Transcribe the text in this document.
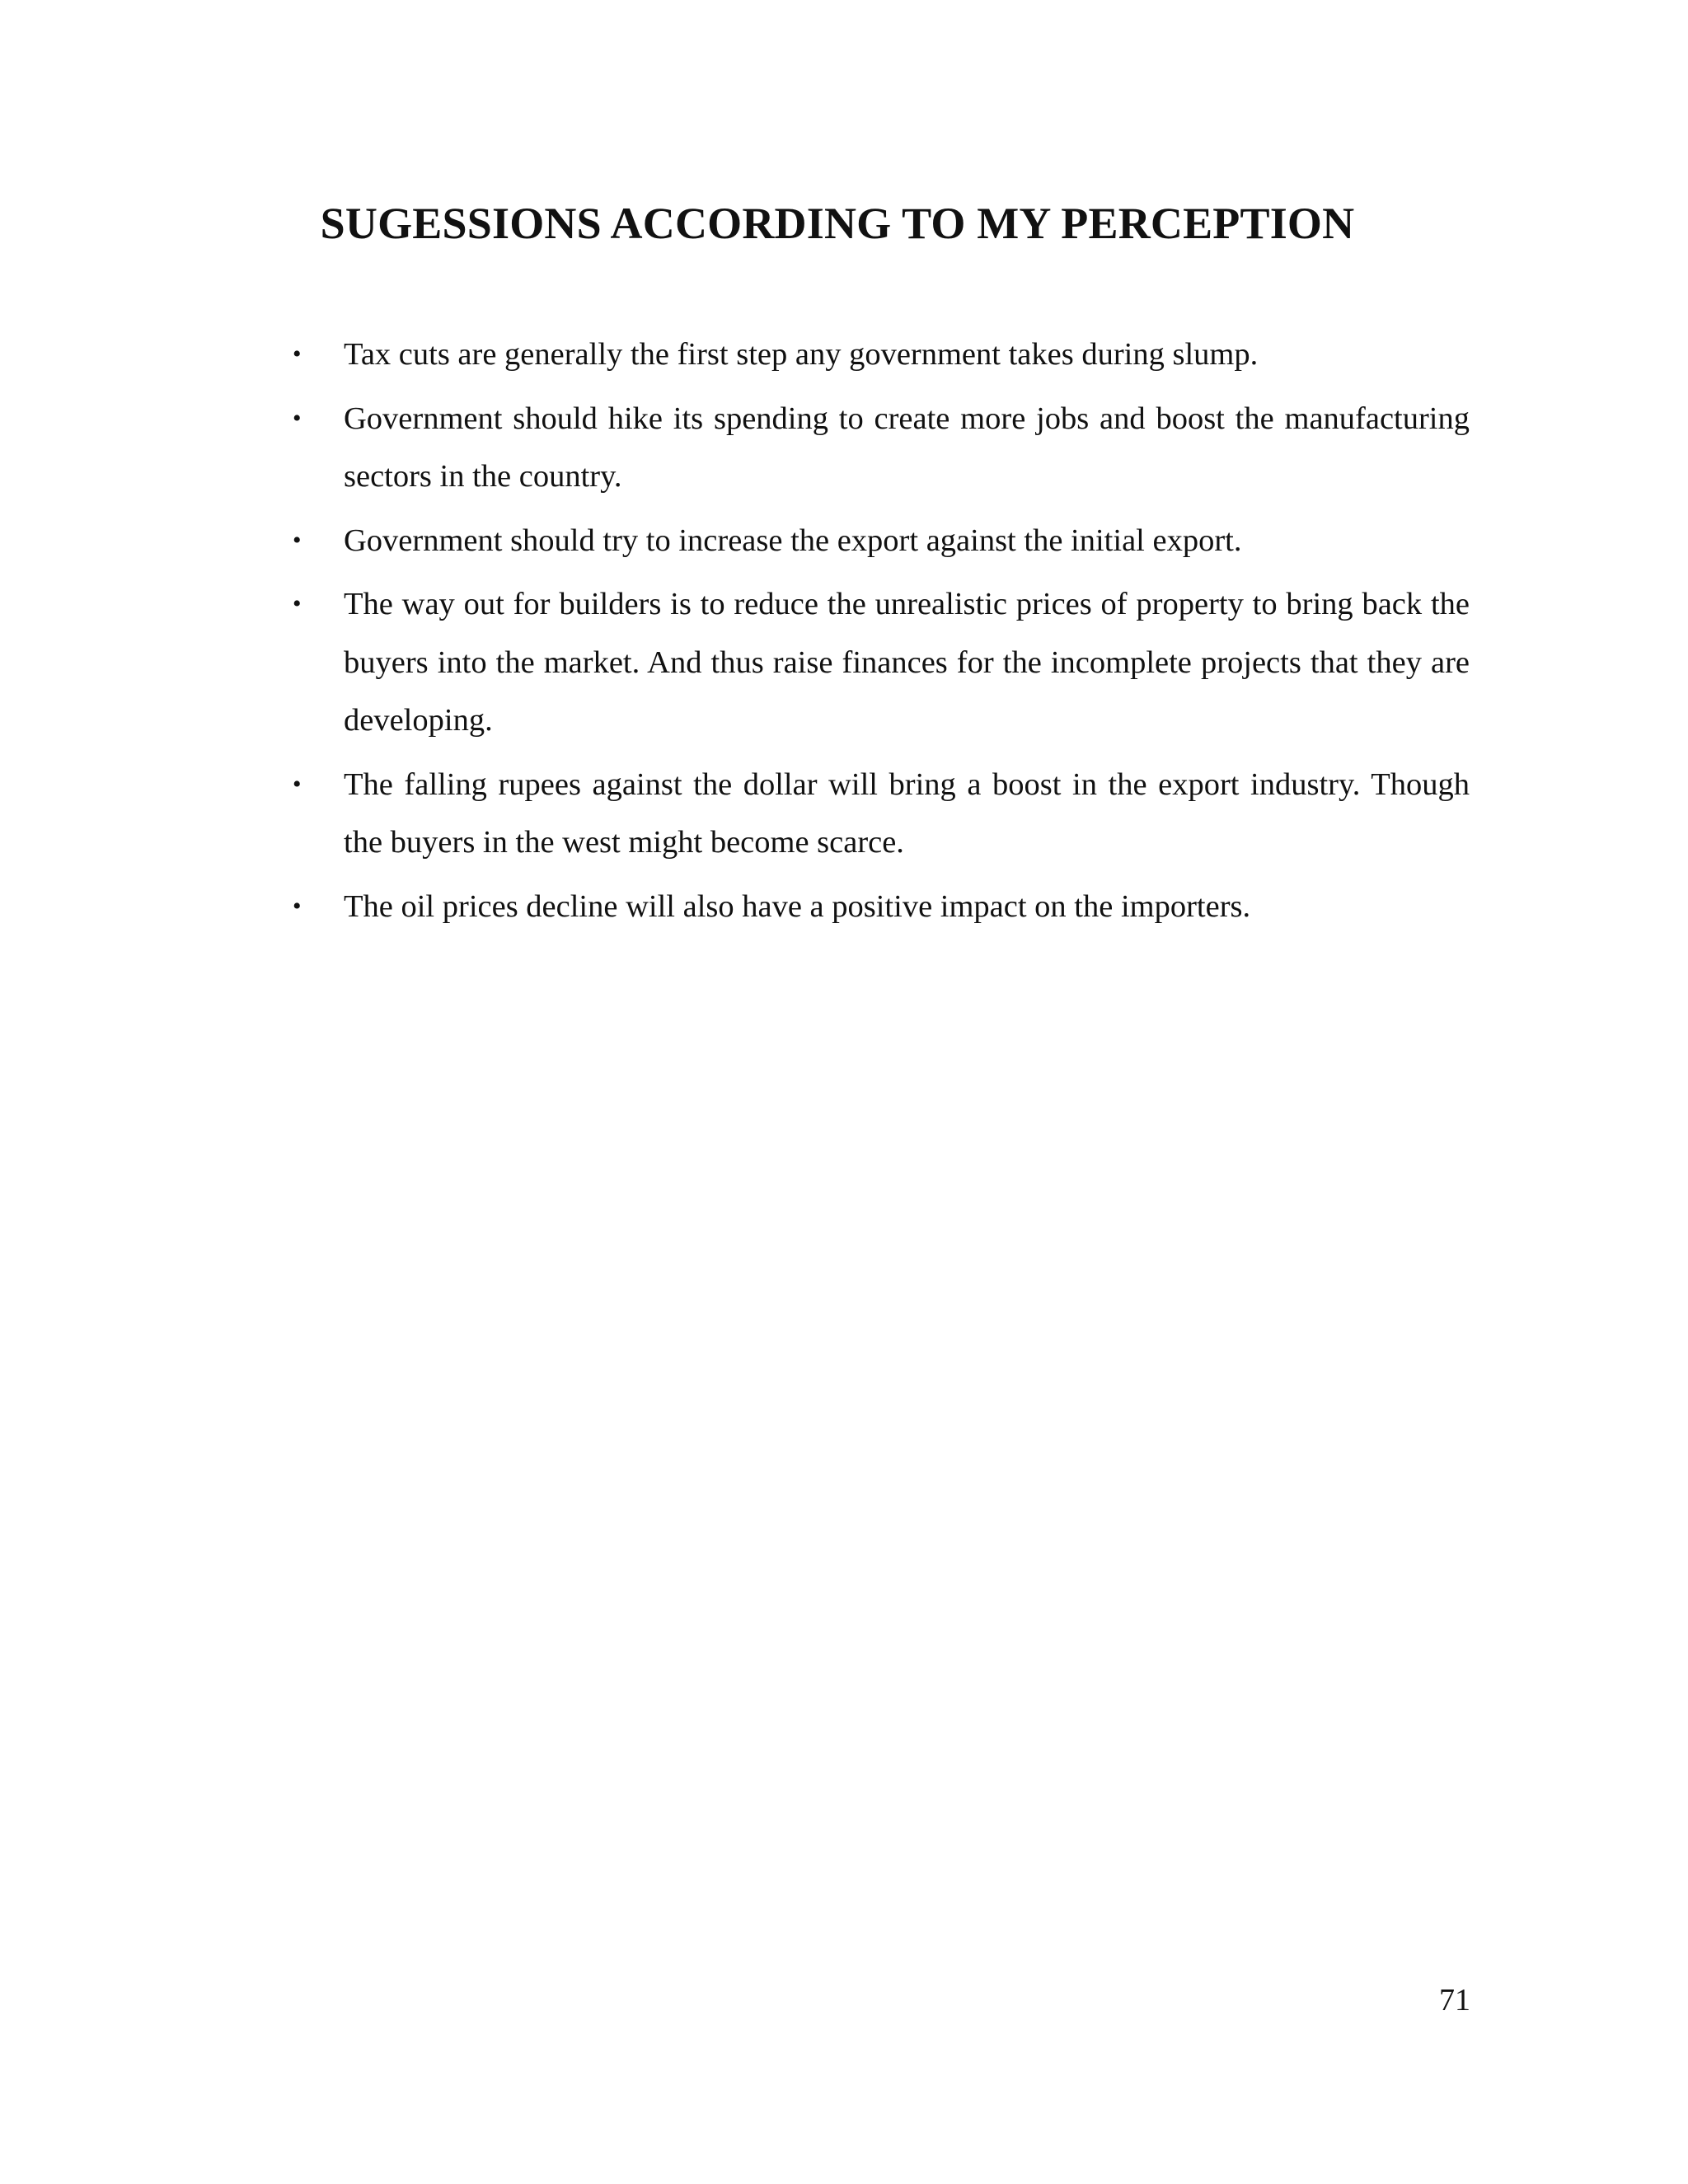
SUGESSIONS ACCORDING TO MY PERCEPTION
•
Tax cuts are generally the first step any government takes during slump.
•
Government should hike its spending to create more jobs and boost the manufacturing sectors in the country.
•
Government should try to increase the export against the initial export.
•
The way out for builders is to reduce the unrealistic prices of property to bring back the buyers into the market. And thus raise finances for the incomplete projects that they are developing.
•
The falling rupees against the dollar will bring a boost in the export industry. Though the buyers in the west might become scarce.
•
The oil prices decline will also have a positive impact on the importers.

71
